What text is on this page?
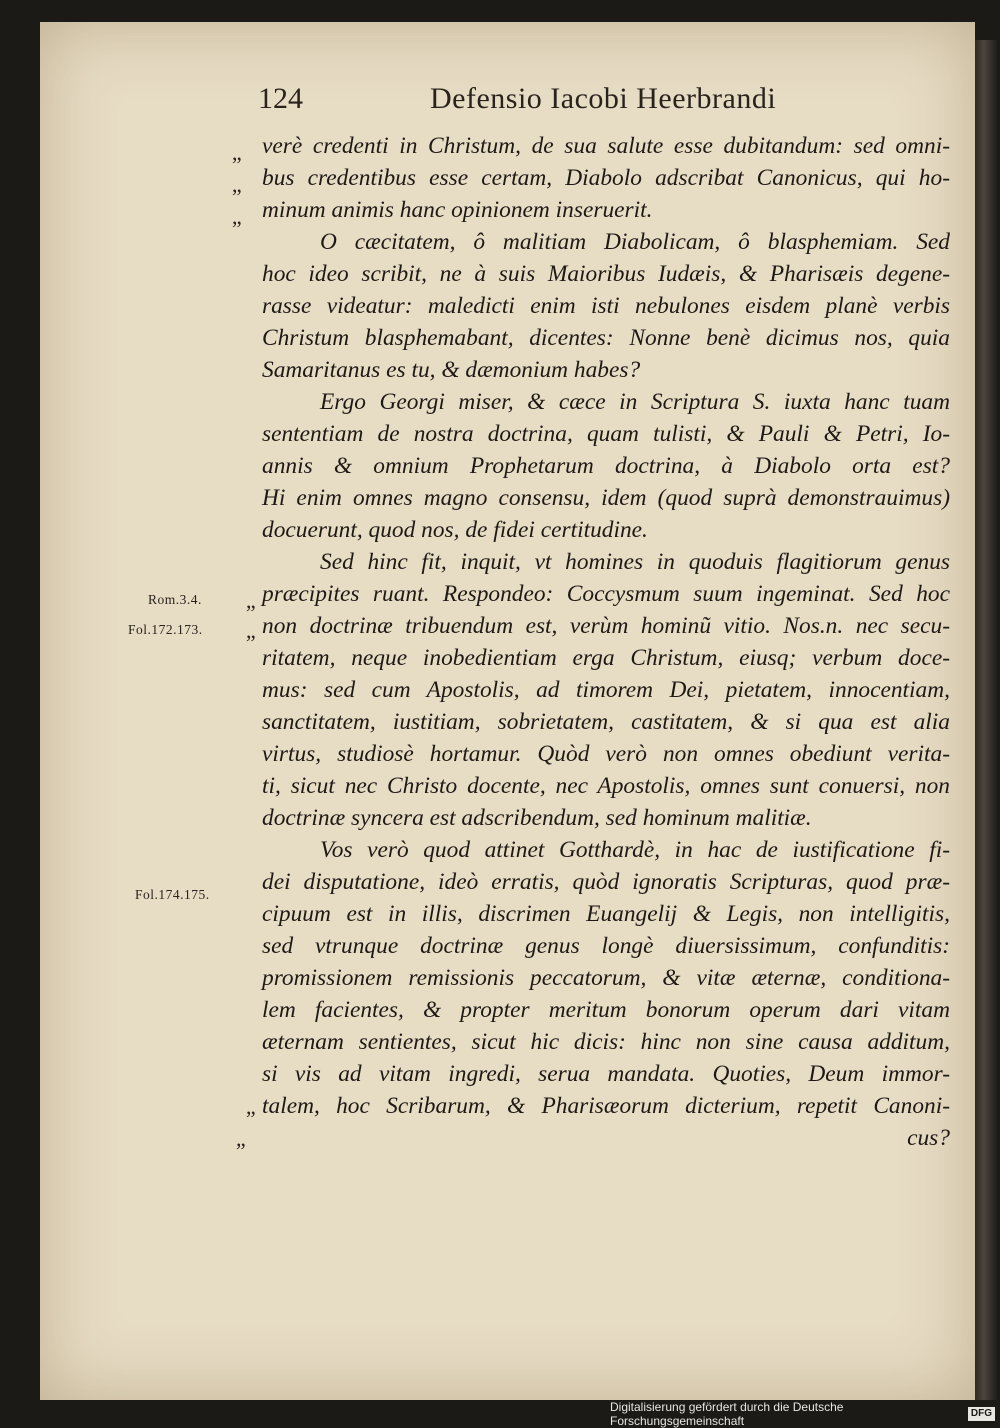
124	Defensio Iacobi Heerbrandi
Rom.3.4.
Fol.172.173.
Fol.174.175.
,,
,,
,,
,,
,,
,,
,,
verè credenti in Christum, de sua salute esse dubitandum: sed omni-
bus credentibus esse certam, Diabolo adscribat Canonicus, qui ho-
minum animis hanc opinionem inseruerit.
O cæcitatem, ô malitiam Diabolicam, ô blasphemiam. Sed
hoc ideo scribit, ne à suis Maioribus Iudæis, & Pharisæis degene-
rasse videatur: maledicti enim isti nebulones eisdem planè verbis
Christum blasphemabant, dicentes: Nonne benè dicimus nos, quia
Samaritanus es tu, & dæmonium habes?
Ergo Georgi miser, & cæce in Scriptura S. iuxta hanc tuam
sententiam de nostra doctrina, quam tulisti, & Pauli & Petri, Io-
annis & omnium Prophetarum doctrina, à Diabolo orta est?
Hi enim omnes magno consensu, idem (quod suprà demonstrauimus)
docuerunt, quod nos, de fidei certitudine.
Sed hinc fit, inquit, vt homines in quoduis flagitiorum genus
præcipites ruant. Respondeo: Coccysmum suum ingeminat. Sed hoc
non doctrinæ tribuendum est, verùm hominũ vitio. Nos.n. nec secu-
ritatem, neque inobedientiam erga Christum, eiusq; verbum doce-
mus: sed cum Apostolis, ad timorem Dei, pietatem, innocentiam,
sanctitatem, iustitiam, sobrietatem, castitatem, & si qua est alia
virtus, studiosè hortamur. Quòd verò non omnes obediunt verita-
ti, sicut nec Christo docente, nec Apostolis, omnes sunt conuersi, non
doctrinæ syncera est adscribendum, sed hominum malitiæ.
Vos verò quod attinet Gotthardè, in hac de iustificatione fi-
dei disputatione, ideò erratis, quòd ignoratis Scripturas, quod præ-
cipuum est in illis, discrimen Euangelij & Legis, non intelligitis,
sed vtrunque doctrinæ genus longè diuersissimum, confunditis:
promissionem remissionis peccatorum, & vitæ æternæ, conditiona-
lem facientes, & propter meritum bonorum operum dari vitam
æternam sentientes, sicut hic dicis: hinc non sine causa additum,
si vis ad vitam ingredi, serua mandata. Quoties, Deum immor-
talem, hoc Scribarum, & Pharisæorum dicterium, repetit Canoni-
cus?
Digitalisierung gefördert durch die Deutsche Forschungsgemeinschaft
DFG
